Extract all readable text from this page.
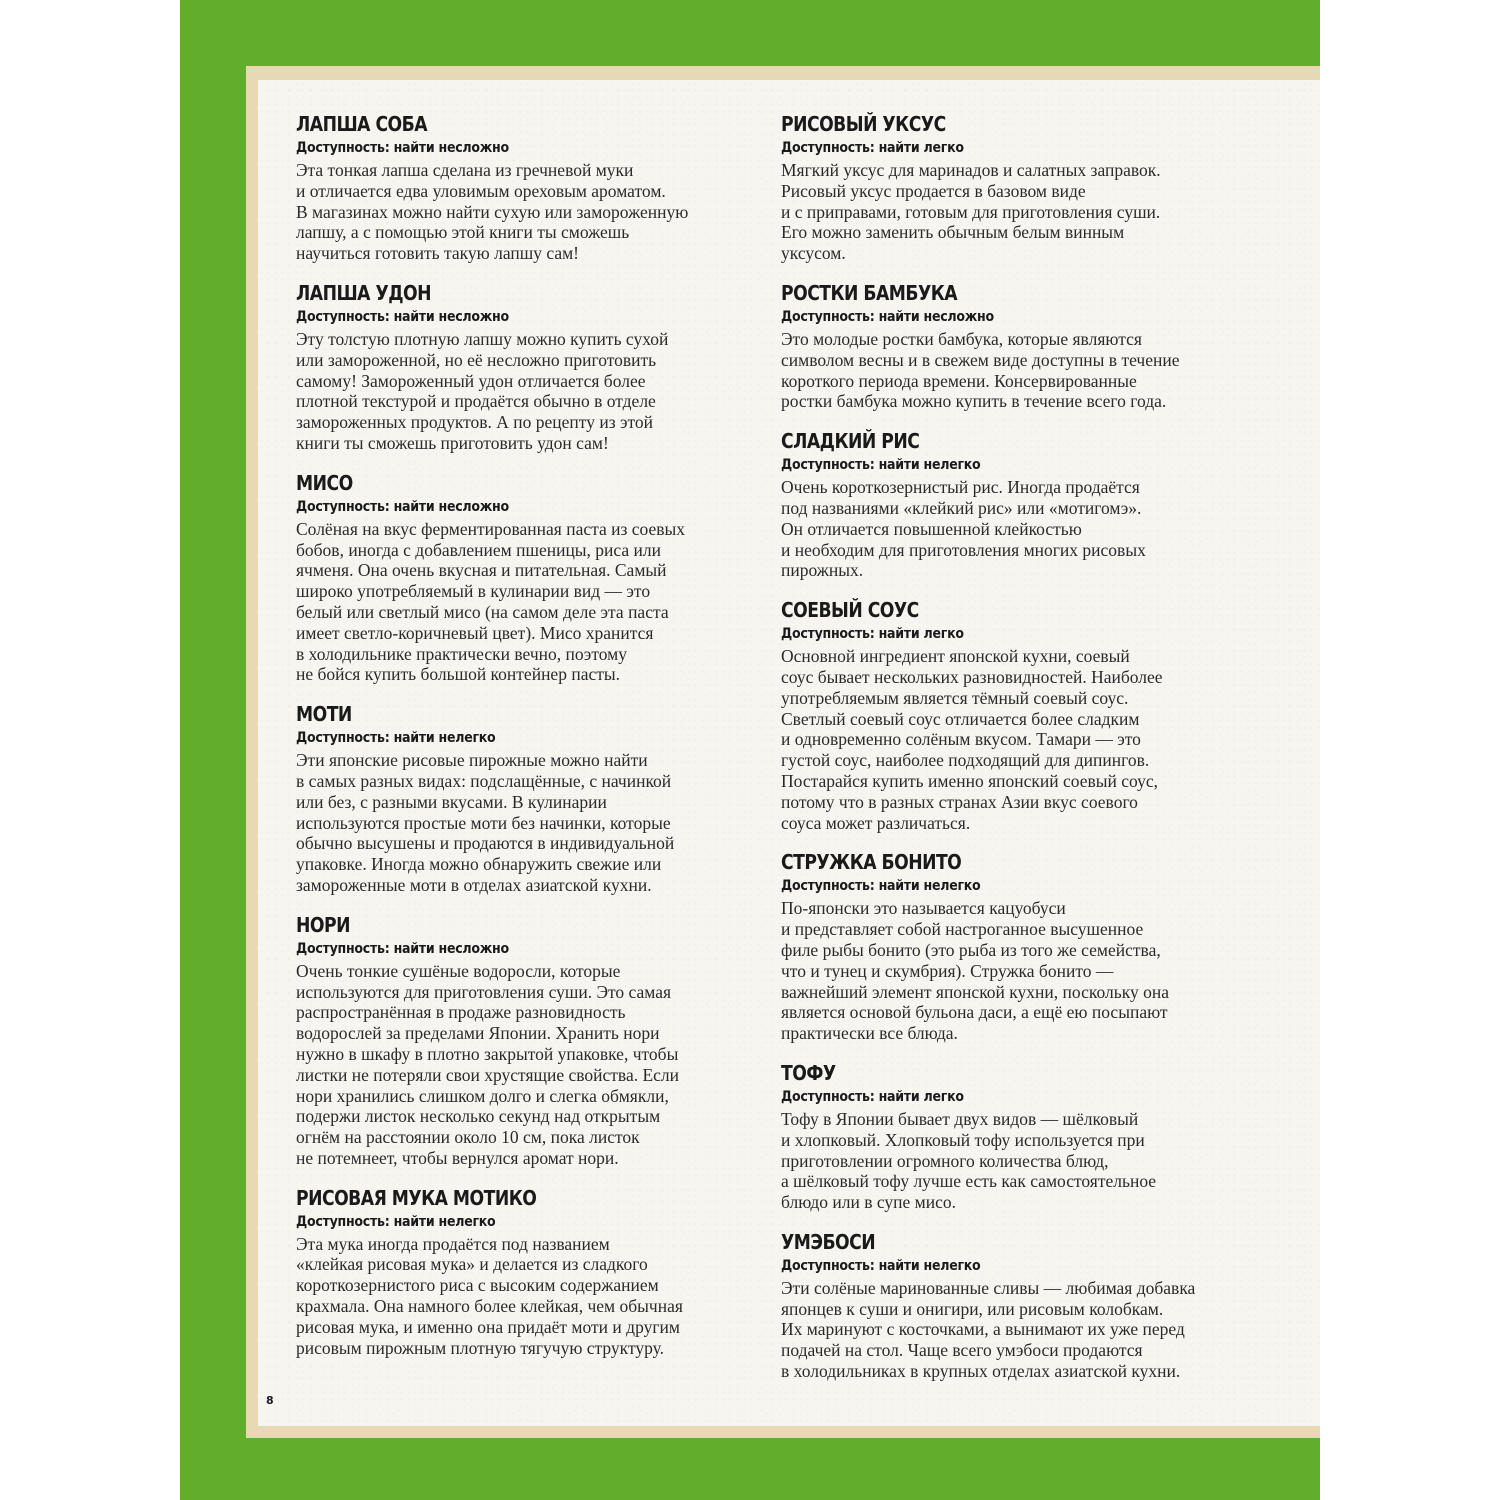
ЛАПША СОБА
Доступность: найти несложно
Эта тонкая лапша сделана из гречневой муки
и отличается едва уловимым ореховым ароматом.
В магазинах можно найти сухую или замороженную
лапшу, а с помощью этой книги ты сможешь
научиться готовить такую лапшу сам!
ЛАПША УДОН
Доступность: найти несложно
Эту толстую плотную лапшу можно купить сухой
или замороженной, но её несложно приготовить
самому! Замороженный удон отличается более
плотной текстурой и продаётся обычно в отделе
замороженных продуктов. А по рецепту из этой
книги ты сможешь приготовить удон сам!
МИСО
Доступность: найти несложно
Солёная на вкус ферментированная паста из соевых
бобов, иногда с добавлением пшеницы, риса или
ячменя. Она очень вкусная и питательная. Самый
широко употребляемый в кулинарии вид — это
белый или светлый мисо (на самом деле эта паста
имеет светло-коричневый цвет). Мисо хранится
в холодильнике практически вечно, поэтому
не бойся купить большой контейнер пасты.
МОТИ
Доступность: найти нелегко
Эти японские рисовые пирожные можно найти
в самых разных видах: подслащённые, с начинкой
или без, с разными вкусами. В кулинарии
используются простые моти без начинки, которые
обычно высушены и продаются в индивидуальной
упаковке. Иногда можно обнаружить свежие или
замороженные моти в отделах азиатской кухни.
НОРИ
Доступность: найти несложно
Очень тонкие сушёные водоросли, которые
используются для приготовления суши. Это самая
распространённая в продаже разновидность
водорослей за пределами Японии. Хранить нори
нужно в шкафу в плотно закрытой упаковке, чтобы
листки не потеряли свои хрустящие свойства. Если
нори хранились слишком долго и слегка обмякли,
подержи листок несколько секунд над открытым
огнём на расстоянии около 10 см, пока листок
не потемнеет, чтобы вернулся аромат нори.
РИСОВАЯ МУКА МОТИКО
Доступность: найти нелегко
Эта мука иногда продаётся под названием
«клейкая рисовая мука» и делается из сладкого
короткозернистого риса с высоким содержанием
крахмала. Она намного более клейкая, чем обычная
рисовая мука, и именно она придаёт моти и другим
рисовым пирожным плотную тягучую структуру.
РИСОВЫЙ УКСУС
Доступность: найти легко
Мягкий уксус для маринадов и салатных заправок.
Рисовый уксус продается в базовом виде
и с приправами, готовым для приготовления суши.
Его можно заменить обычным белым винным
уксусом.
РОСТКИ БАМБУКА
Доступность: найти несложно
Это молодые ростки бамбука, которые являются
символом весны и в свежем виде доступны в течение
короткого периода времени. Консервированные
ростки бамбука можно купить в течение всего года.
СЛАДКИЙ РИС
Доступность: найти нелегко
Очень короткозернистый рис. Иногда продаётся
под названиями «клейкий рис» или «мотигомэ».
Он отличается повышенной клейкостью
и необходим для приготовления многих рисовых
пирожных.
СОЕВЫЙ СОУС
Доступность: найти легко
Основной ингредиент японской кухни, соевый
соус бывает нескольких разновидностей. Наиболее
употребляемым является тёмный соевый соус.
Светлый соевый соус отличается более сладким
и одновременно солёным вкусом. Тамари — это
густой соус, наиболее подходящий для дипингов.
Постарайся купить именно японский соевый соус,
потому что в разных странах Азии вкус соевого
соуса может различаться.
СТРУЖКА БОНИТО
Доступность: найти нелегко
По-японски это называется кацуобуси
и представляет собой настроганное высушенное
филе рыбы бонито (это рыба из того же семейства,
что и тунец и скумбрия). Стружка бонито —
важнейший элемент японской кухни, поскольку она
является основой бульона даси, а ещё ею посыпают
практически все блюда.
ТОФУ
Доступность: найти легко
Тофу в Японии бывает двух видов — шёлковый
и хлопковый. Хлопковый тофу используется при
приготовлении огромного количества блюд,
а шёлковый тофу лучше есть как самостоятельное
блюдо или в супе мисо.
УМЭБОСИ
Доступность: найти нелегко
Эти солёные маринованные сливы — любимая добавка
японцев к суши и онигири, или рисовым колобкам.
Их маринуют с косточками, а вынимают их уже перед
подачей на стол. Чаще всего умэбоси продаются
в холодильниках в крупных отделах азиатской кухни.
8
